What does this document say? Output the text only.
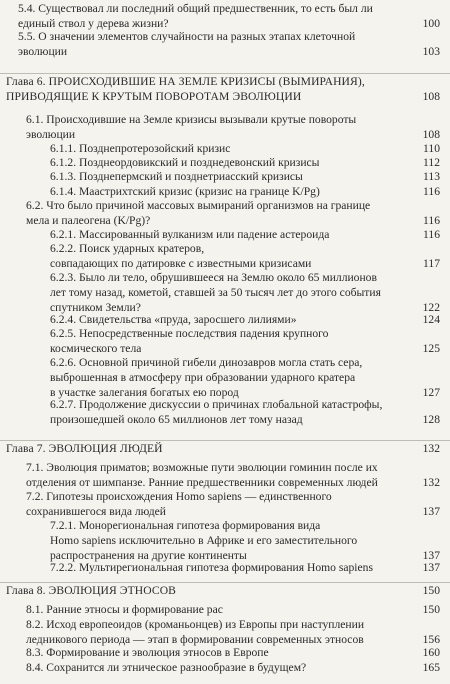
5.4. Существовал ли последний общий предшественник, то есть был ли
единый ствол у дерева жизни?	100
5.5. О значении элементов случайности на разных этапах клеточной
эволюции	103
Глава 6. ПРОИСХОДИВШИЕ НА ЗЕМЛЕ КРИЗИСЫ (ВЫМИРАНИЯ),
ПРИВОДЯЩИЕ К КРУТЫМ ПОВОРОТАМ ЭВОЛЮЦИИ	108
6.1. Происходившие на Земле кризисы вызывали крутые повороты
эволюции	108
6.1.1. Позднепротерозойский кризис	110
6.1.2. Позднеордовикский и позднедевонский кризисы	112
6.1.3. Позднепермский и позднетриасский кризисы	113
6.1.4. Маастрихтский кризис (кризис на границе K/Pg)	116
6.2. Что было причиной массовых вымираний организмов на границе
мела и палеогена (K/Pg)?	116
6.2.1. Массированный вулканизм или падение астероида	116
6.2.2. Поиск ударных кратеров,
совпадающих по датировке с известными кризисами	117
6.2.3. Было ли тело, обрушившееся на Землю около 65 миллионов
лет тому назад, кометой, ставшей за 50 тысяч лет до этого события
спутником Земли?	122
6.2.4. Свидетельства «пруда, заросшего лилиями»	124
6.2.5. Непосредственные последствия падения крупного
космического тела	125
6.2.6. Основной причиной гибели динозавров могла стать сера,
выброшенная в атмосферу при образовании ударного кратера
в участке залегания богатых ею пород	127
6.2.7. Продолжение дискуссии о причинах глобальной катастрофы,
произошедшей около 65 миллионов лет тому назад	128
Глава 7. ЭВОЛЮЦИЯ ЛЮДЕЙ	132
7.1. Эволюция приматов; возможные пути эволюции гоминин после их
отделения от шимпанзе. Ранние предшественники современных людей	132
7.2. Гипотезы происхождения Homo sapiens — единственного
сохранившегося вида людей	137
7.2.1. Монорегиональная гипотеза формирования вида
Homo sapiens исключительно в Африке и его заместительного
распространения на другие континенты	137
7.2.2. Мультирегиональная гипотеза формирования Homo sapiens	137
Глава 8. ЭВОЛЮЦИЯ ЭТНОСОВ	150
8.1. Ранние этносы и формирование рас	150
8.2. Исход европеоидов (кроманьонцев) из Европы при наступлении
ледникового периода — этап в формировании современных этносов	156
8.3. Формирование и эволюция этносов в Европе	160
8.4. Сохранится ли этническое разнообразие в будущем?	165
